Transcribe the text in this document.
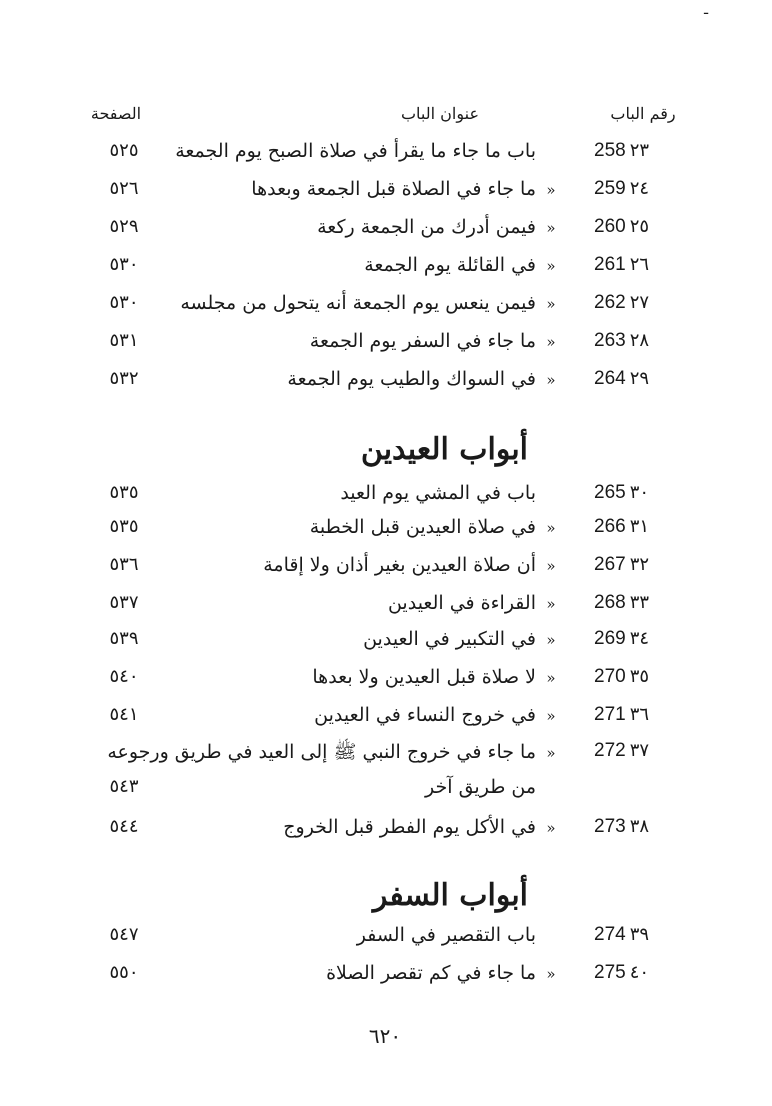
ـ
رقم الباب
عنوان الباب
الصفحة
258 ٢٣
باب ما جاء ما يقرأ في صلاة الصبح يوم الجمعة
٥٢٥
259 ٢٤
«ما جاء في الصلاة قبل الجمعة وبعدها
٥٢٦
260 ٢٥
«فيمن أدرك من الجمعة ركعة
٥٢٩
261 ٢٦
«في القائلة يوم الجمعة
٥٣٠
262 ٢٧
«فيمن ينعس يوم الجمعة أنه يتحول من مجلسه
٥٣٠
263 ٢٨
«ما جاء في السفر يوم الجمعة
٥٣١
264 ٢٩
«في السواك والطيب يوم الجمعة
٥٣٢
أبواب العيدين
265 ٣٠
باب في المشي يوم العيد
٥٣٥
266 ٣١
«في صلاة العيدين قبل الخطبة
٥٣٥
267 ٣٢
«أن صلاة العيدين بغير أذان ولا إقامة
٥٣٦
268 ٣٣
«القراءة في العيدين
٥٣٧
269 ٣٤
«في التكبير في العيدين
٥٣٩
270 ٣٥
«لا صلاة قبل العيدين ولا بعدها
٥٤٠
271 ٣٦
«في خروج النساء في العيدين
٥٤١
272 ٣٧
«ما جاء في خروج النبي ﷺ إلى العيد في طريق ورجوعه
من طريق آخر
٥٤٣
273 ٣٨
«في الأكل يوم الفطر قبل الخروج
٥٤٤
أبواب السفر
274 ٣٩
باب التقصير في السفر
٥٤٧
275 ٤٠
«ما جاء في كم تقصر الصلاة
٥٥٠
٦٢٠
